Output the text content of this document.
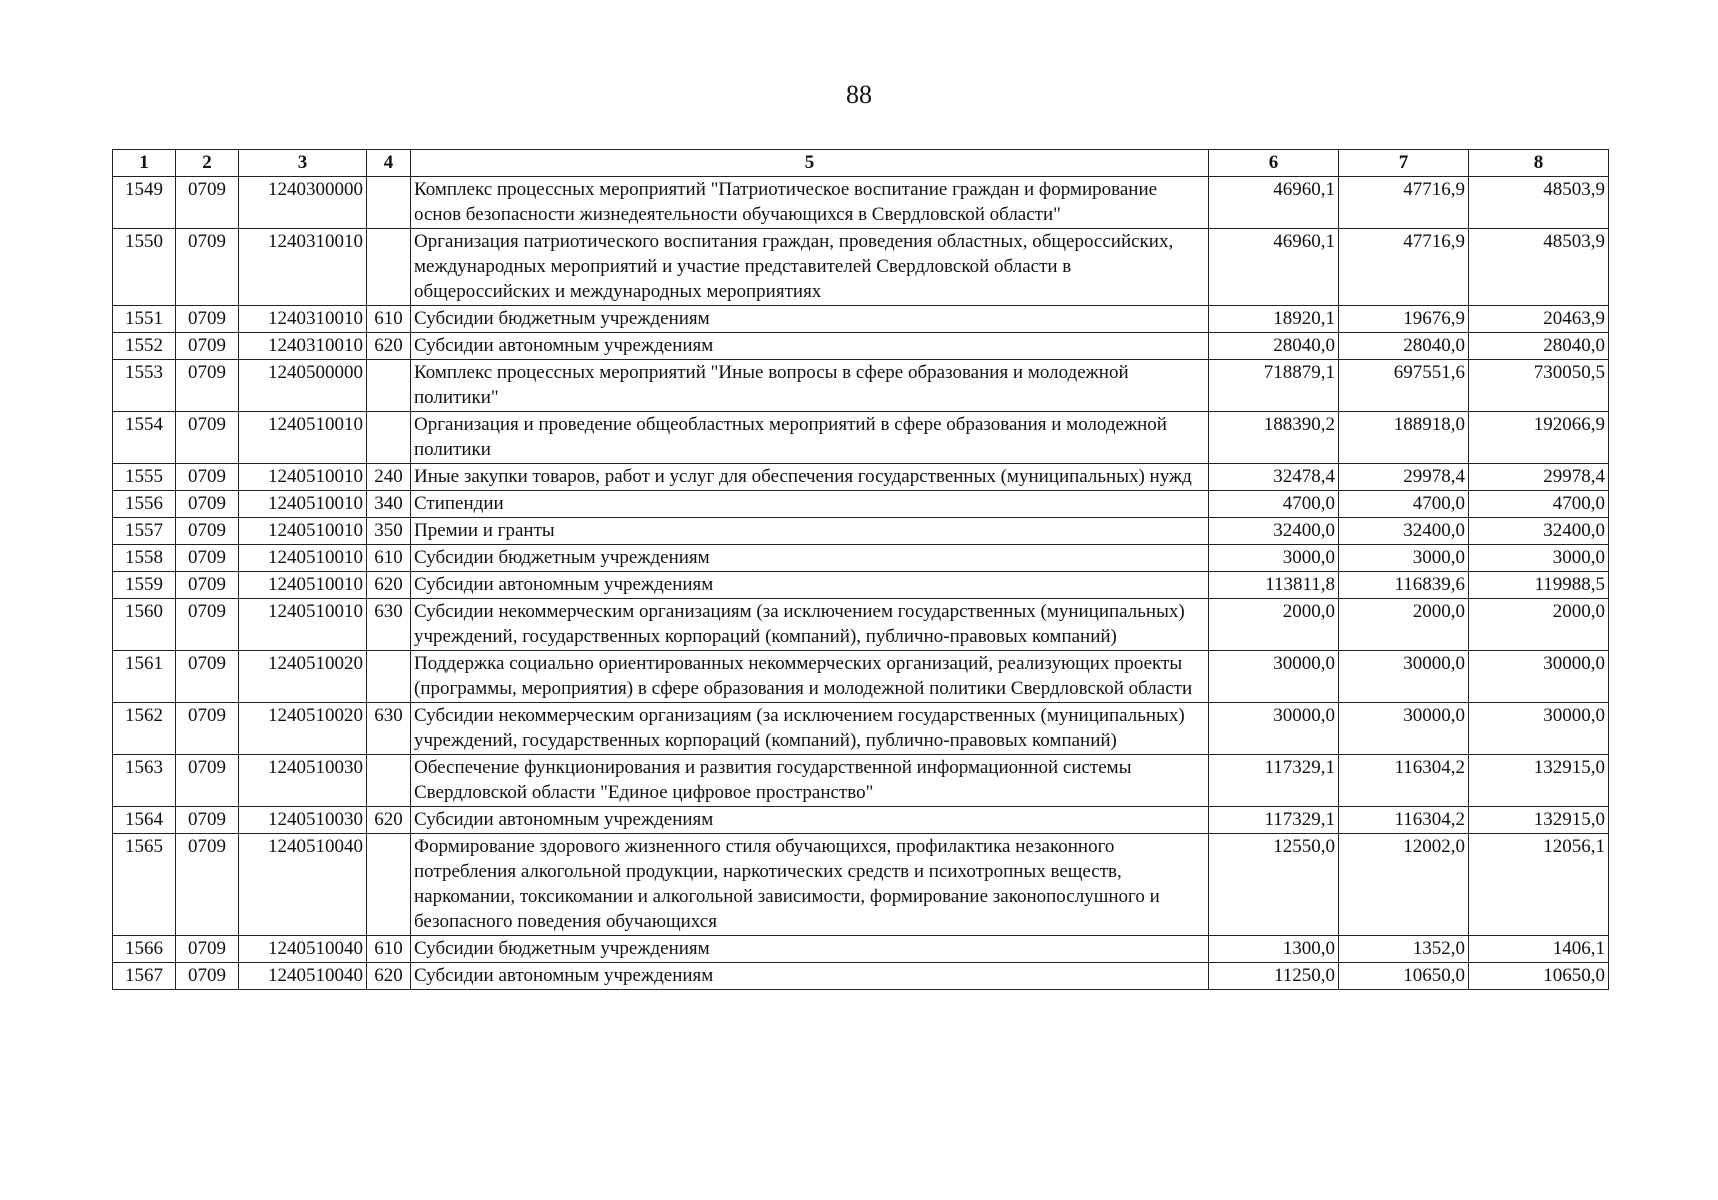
88
1	2	3	4	5	6	7	8
1549	0709	1240300000		Комплекс процессных мероприятий "Патриотическое воспитание граждан и формирование основ безопасности жизнедеятельности обучающихся в Свердловской области"	46960,1	47716,9	48503,9
1550	0709	1240310010		Организация патриотического воспитания граждан, проведения областных, общероссийских, международных мероприятий и участие представителей Свердловской области в общероссийских и международных мероприятиях	46960,1	47716,9	48503,9
1551	0709	1240310010	610	Субсидии бюджетным учреждениям	18920,1	19676,9	20463,9
1552	0709	1240310010	620	Субсидии автономным учреждениям	28040,0	28040,0	28040,0
1553	0709	1240500000		Комплекс процессных мероприятий "Иные вопросы в сфере образования и молодежной политики"	718879,1	697551,6	730050,5
1554	0709	1240510010		Организация и проведение общеобластных мероприятий в сфере образования и молодежной политики	188390,2	188918,0	192066,9
1555	0709	1240510010	240	Иные закупки товаров, работ и услуг для обеспечения государственных (муниципальных) нужд	32478,4	29978,4	29978,4
1556	0709	1240510010	340	Стипендии	4700,0	4700,0	4700,0
1557	0709	1240510010	350	Премии и гранты	32400,0	32400,0	32400,0
1558	0709	1240510010	610	Субсидии бюджетным учреждениям	3000,0	3000,0	3000,0
1559	0709	1240510010	620	Субсидии автономным учреждениям	113811,8	116839,6	119988,5
1560	0709	1240510010	630	Субсидии некоммерческим организациям (за исключением государственных (муниципальных) учреждений, государственных корпораций (компаний), публично-правовых компаний)	2000,0	2000,0	2000,0
1561	0709	1240510020		Поддержка социально ориентированных некоммерческих организаций, реализующих проекты (программы, мероприятия) в сфере образования и молодежной политики Свердловской области	30000,0	30000,0	30000,0
1562	0709	1240510020	630	Субсидии некоммерческим организациям (за исключением государственных (муниципальных) учреждений, государственных корпораций (компаний), публично-правовых компаний)	30000,0	30000,0	30000,0
1563	0709	1240510030		Обеспечение функционирования и развития государственной информационной системы Свердловской области "Единое цифровое пространство"	117329,1	116304,2	132915,0
1564	0709	1240510030	620	Субсидии автономным учреждениям	117329,1	116304,2	132915,0
1565	0709	1240510040		Формирование здорового жизненного стиля обучающихся, профилактика незаконного потребления алкогольной продукции, наркотических средств и психотропных веществ, наркомании, токсикомании и алкогольной зависимости, формирование законопослушного и безопасного поведения обучающихся	12550,0	12002,0	12056,1
1566	0709	1240510040	610	Субсидии бюджетным учреждениям	1300,0	1352,0	1406,1
1567	0709	1240510040	620	Субсидии автономным учреждениям	11250,0	10650,0	10650,0
